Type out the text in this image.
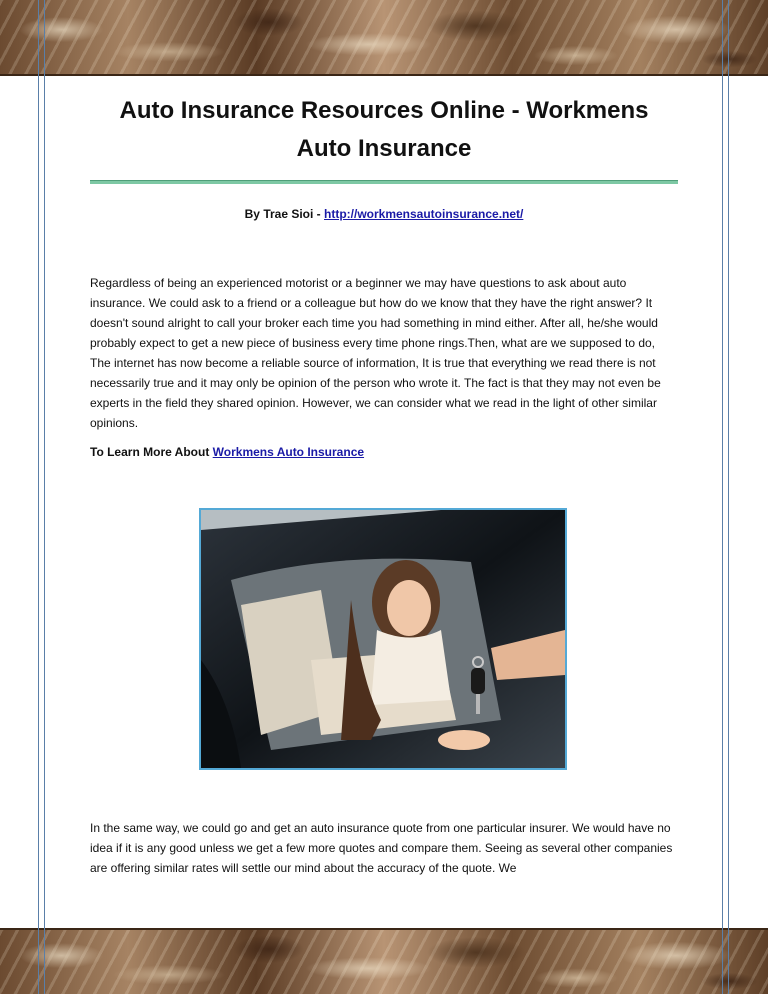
Auto Insurance Resources Online - Workmens Auto Insurance
By Trae Sioi - http://workmensautoinsurance.net/

Regardless of being an experienced motorist or a beginner we may have questions to ask about auto insurance. We could ask to a friend or a colleague but how do we know that they have the right answer? It doesn't sound alright to call your broker each time you had something in mind either. After all, he/she would probably expect to get a new piece of business every time phone rings.Then, what are we supposed to do, The internet has now become a reliable source of information, It is true that everything we read there is not necessarily true and it may only be opinion of the person who wrote it. The fact is that they may not even be experts in the field they shared opinion. However, we can consider what we read in the light of other similar opinions.

To Learn More About Workmens Auto Insurance

In the same way, we could go and get an auto insurance quote from one particular insurer. We would have no idea if it is any good unless we get a few more quotes and compare them. Seeing as several other companies are offering similar rates will settle our mind about the accuracy of the quote. We
